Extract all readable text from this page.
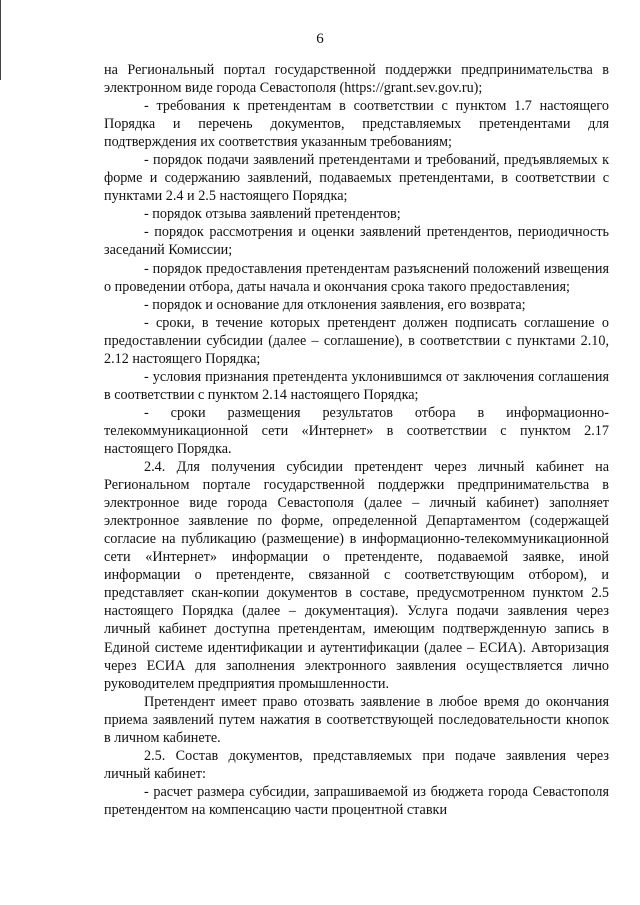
6

на Региональный портал государственной поддержки предпринимательства в электронном виде города Севастополя (https://grant.sev.gov.ru);

- требования к претендентам в соответствии с пунктом 1.7 настоящего Порядка и перечень документов, представляемых претендентами для подтверждения их соответствия указанным требованиям;

- порядок подачи заявлений претендентами и требований, предъявляемых к форме и содержанию заявлений, подаваемых претендентами, в соответствии с пунктами 2.4 и 2.5 настоящего Порядка;

- порядок отзыва заявлений претендентов;

- порядок рассмотрения и оценки заявлений претендентов, периодичность заседаний Комиссии;

- порядок предоставления претендентам разъяснений положений извещения о проведении отбора, даты начала и окончания срока такого предоставления;

- порядок и основание для отклонения заявления, его возврата;

- сроки, в течение которых претендент должен подписать соглашение о предоставлении субсидии (далее – соглашение), в соответствии с пунктами 2.10, 2.12 настоящего Порядка;

- условия признания претендента уклонившимся от заключения соглашения в соответствии с пунктом 2.14 настоящего Порядка;

- сроки размещения результатов отбора в информационно-телекоммуникационной сети «Интернет» в соответствии с пунктом 2.17 настоящего Порядка.

2.4. Для получения субсидии претендент через личный кабинет на Региональном портале государственной поддержки предпринимательства в электронное виде города Севастополя (далее – личный кабинет) заполняет электронное заявление по форме, определенной Департаментом (содержащей согласие на публикацию (размещение) в информационно-телекоммуникационной сети «Интернет» информации о претенденте, подаваемой заявке, иной информации о претенденте, связанной с соответствующим отбором), и представляет скан-копии документов в составе, предусмотренном пунктом 2.5 настоящего Порядка (далее – документация). Услуга подачи заявления через личный кабинет доступна претендентам, имеющим подтвержденную запись в Единой системе идентификации и аутентификации (далее – ЕСИА). Авторизация через ЕСИА для заполнения электронного заявления осуществляется лично руководителем предприятия промышленности.

Претендент имеет право отозвать заявление в любое время до окончания приема заявлений путем нажатия в соответствующей последовательности кнопок в личном кабинете.

2.5. Состав документов, представляемых при подаче заявления через личный кабинет:

- расчет размера субсидии, запрашиваемой из бюджета города Севастополя претендентом на компенсацию части процентной ставки
